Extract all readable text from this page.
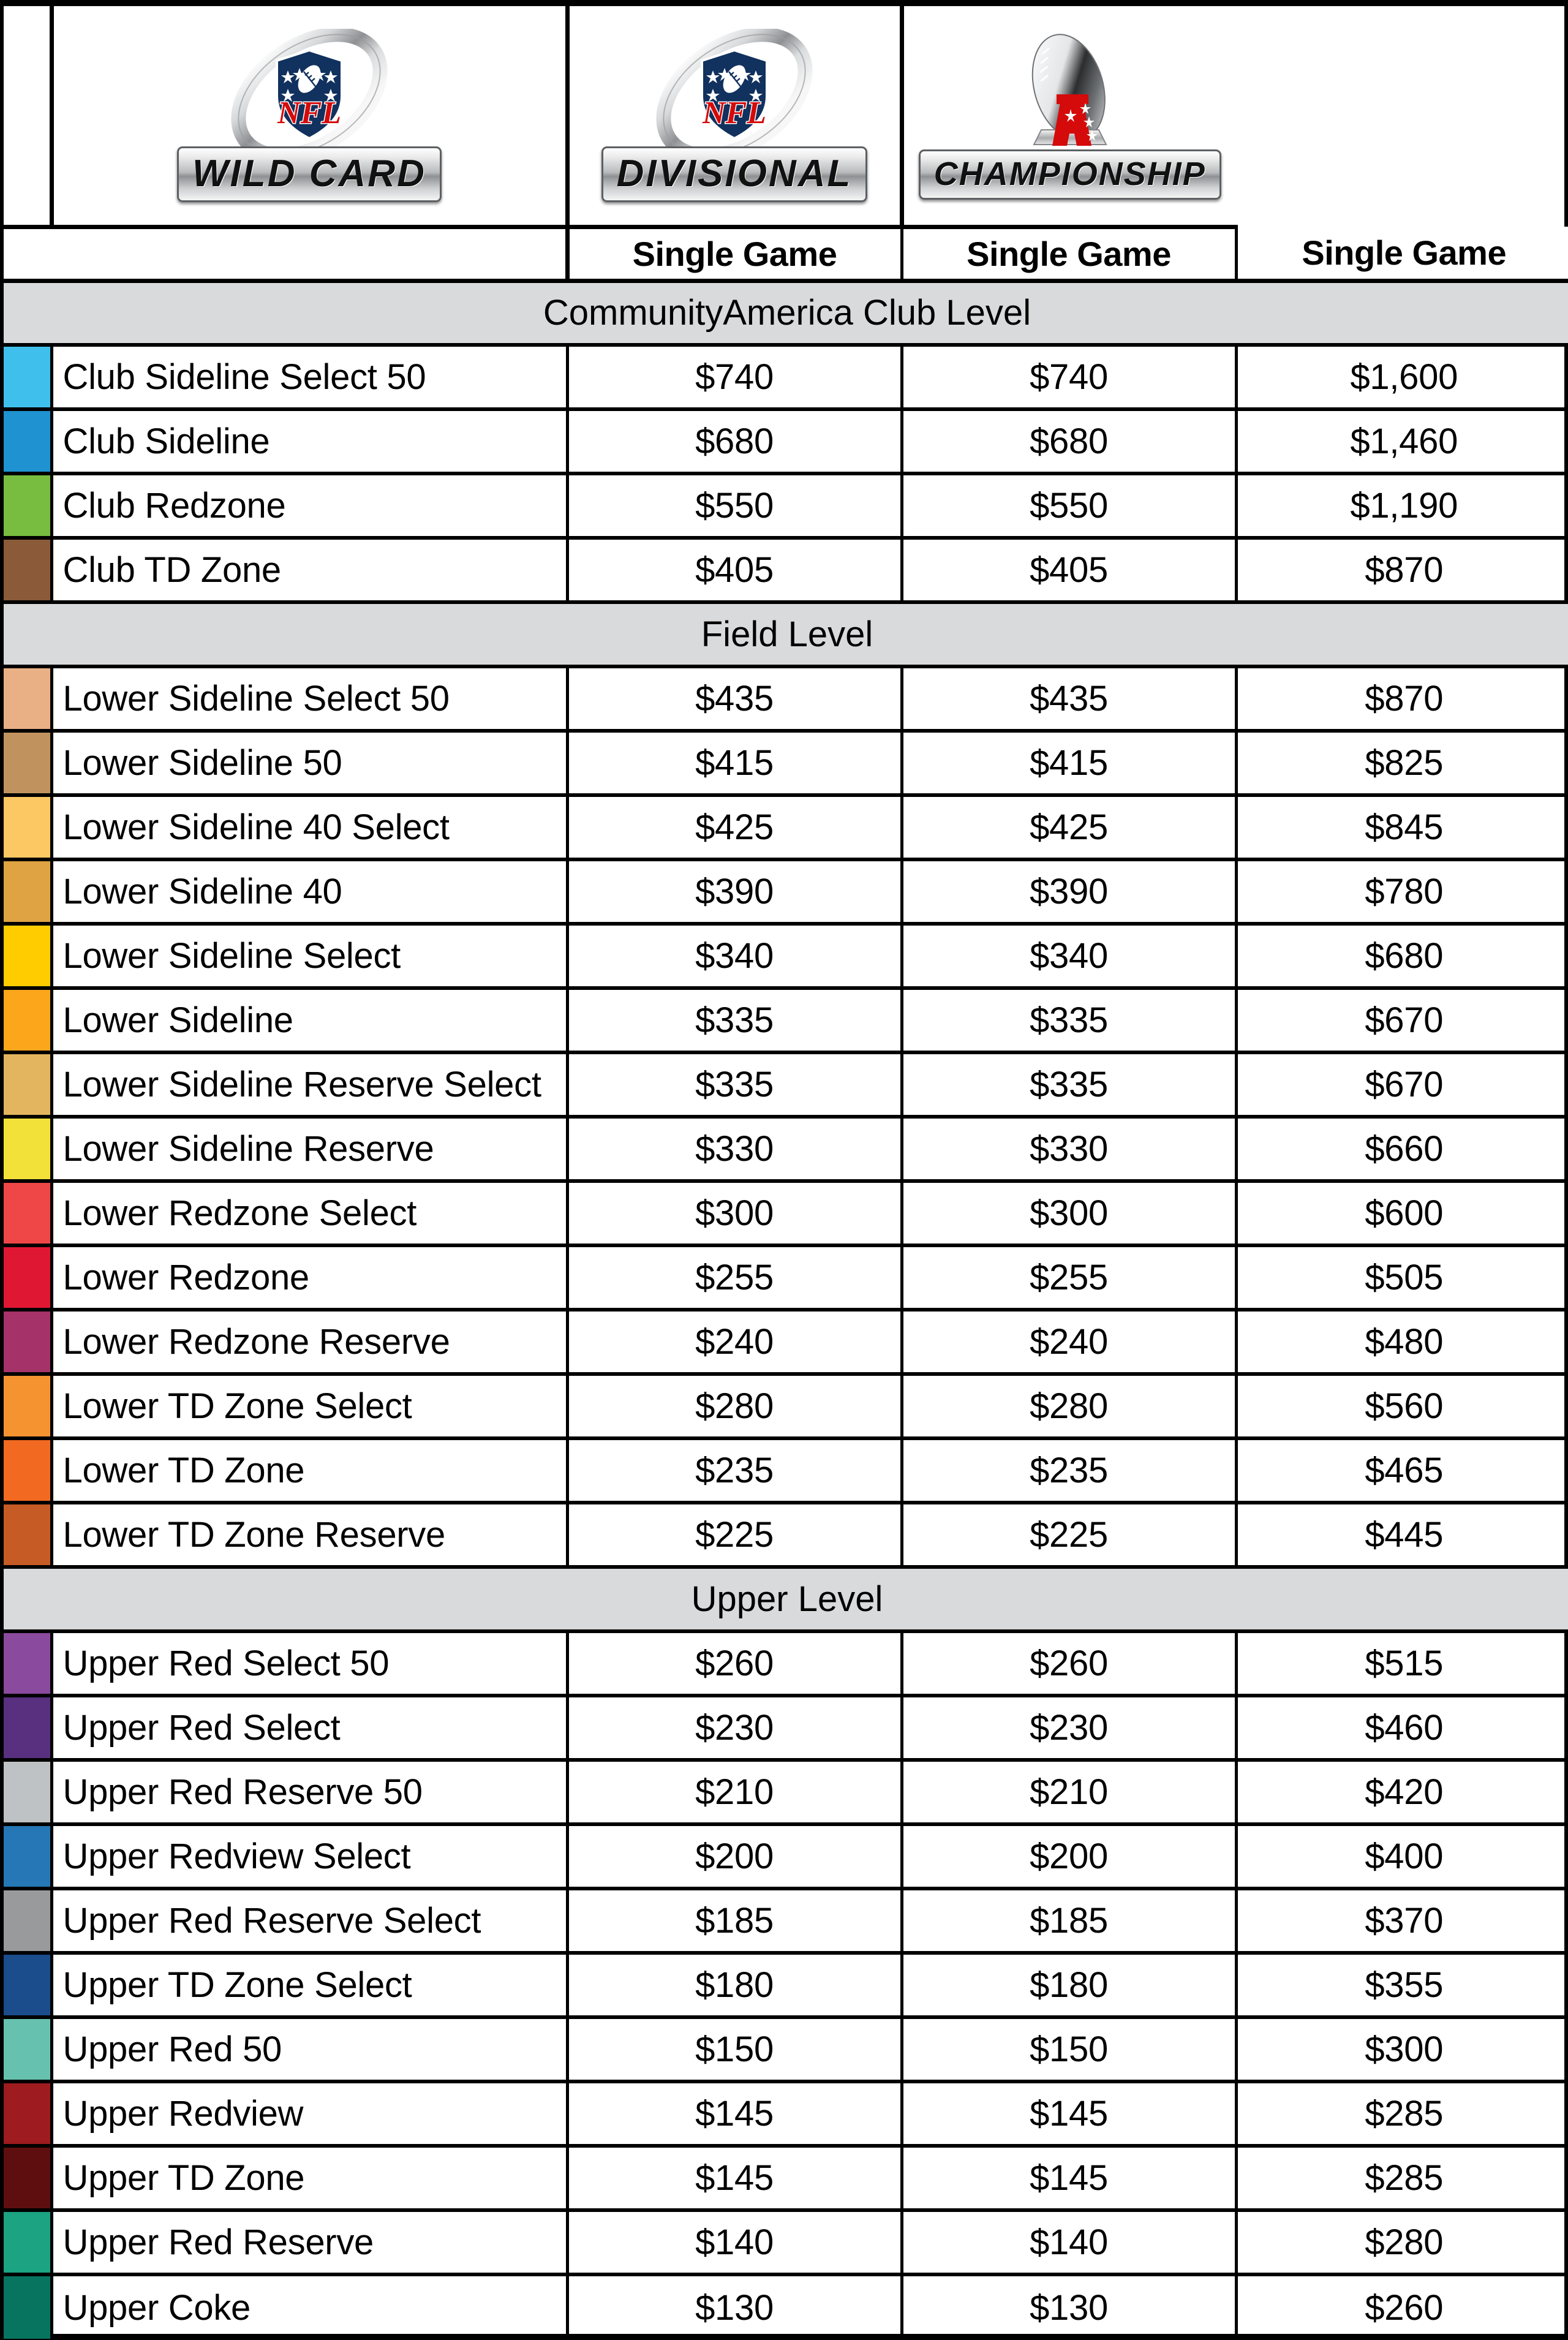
NFL
WILD CARD	NFL
DIVISIONAL	CHAMPIONSHIP	

		Single Game	Single Game	Single Game
CommunityAmerica Club Level				
	Club Sideline Select 50	$740	$740	$1,600
	Club Sideline	$680	$680	$1,460
	Club Redzone	$550	$550	$1,190
	Club TD Zone	$405	$405	$870
Field Level				
	Lower Sideline Select 50	$435	$435	$870
	Lower Sideline 50	$415	$415	$825
	Lower Sideline 40 Select	$425	$425	$845
	Lower Sideline 40	$390	$390	$780
	Lower Sideline Select	$340	$340	$680
	Lower Sideline	$335	$335	$670
	Lower Sideline Reserve Select	$335	$335	$670
	Lower Sideline Reserve	$330	$330	$660
	Lower Redzone Select	$300	$300	$600
	Lower Redzone	$255	$255	$505
	Lower Redzone Reserve	$240	$240	$480
	Lower TD Zone Select	$280	$280	$560
	Lower TD Zone	$235	$235	$465
	Lower TD Zone Reserve	$225	$225	$445
Upper Level				
	Upper Red Select 50	$260	$260	$515
	Upper Red Select	$230	$230	$460
	Upper Red Reserve 50	$210	$210	$420
	Upper Redview Select	$200	$200	$400
	Upper Red Reserve Select	$185	$185	$370
	Upper TD Zone Select	$180	$180	$355
	Upper Red 50	$150	$150	$300
	Upper Redview	$145	$145	$285
	Upper TD Zone	$145	$145	$285
	Upper Red Reserve	$140	$140	$280
	Upper Coke	$130	$130	$260
